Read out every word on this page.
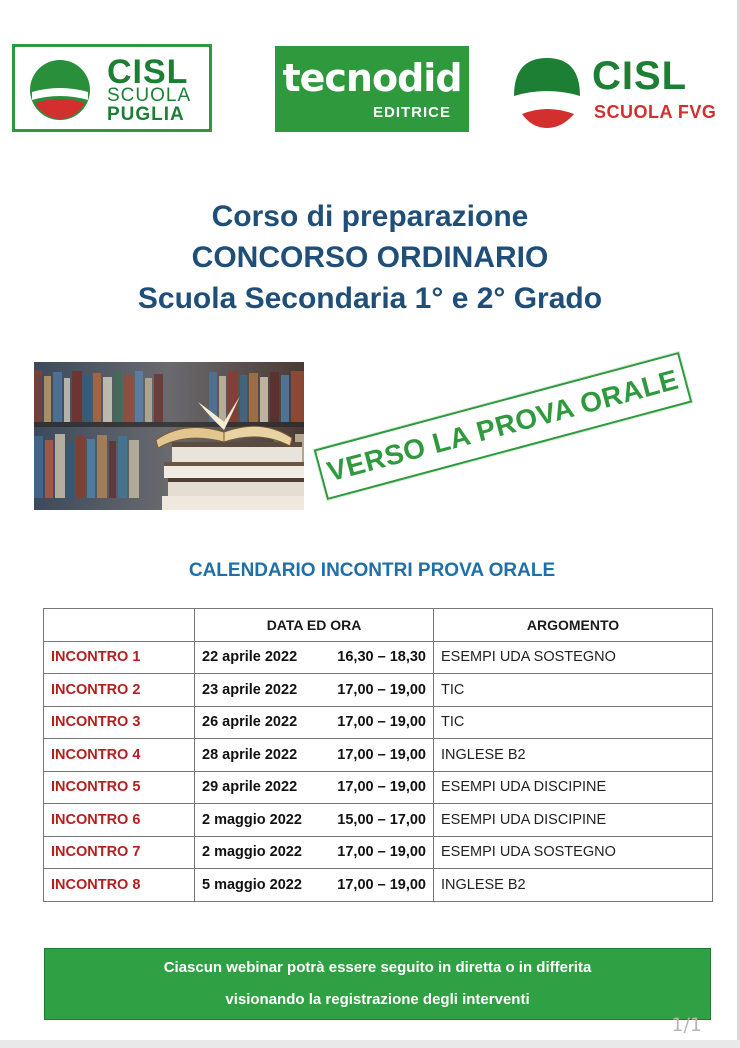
CISL
SCUOLA
PUGLIA
tecnodid
EDITRICE
CISL
SCUOLA FVG
Corso di preparazione
CONCORSO ORDINARIO
Scuola Secondaria 1° e 2° Grado
VERSO LA PROVA ORALE
CALENDARIO INCONTRI PROVA ORALE
	DATA ED ORA	ARGOMENTO
INCONTRO 1	22 aprile 2022 16,30 – 18,30	ESEMPI UDA SOSTEGNO
INCONTRO 2	23 aprile 2022 17,00 – 19,00	TIC
INCONTRO 3	26 aprile 2022 17,00 – 19,00	TIC
INCONTRO 4	28 aprile 2022 17,00 – 19,00	INGLESE B2
INCONTRO 5	29 aprile 2022 17,00 – 19,00	ESEMPI UDA DISCIPINE
INCONTRO 6	2 maggio 2022 15,00 – 17,00	ESEMPI UDA DISCIPINE
INCONTRO 7	2 maggio 2022 17,00 – 19,00	ESEMPI UDA SOSTEGNO
INCONTRO 8	5 maggio 2022 17,00 – 19,00	INGLESE B2
Ciascun webinar potrà essere seguito in diretta o in differita
visionando la registrazione degli interventi
1/1
